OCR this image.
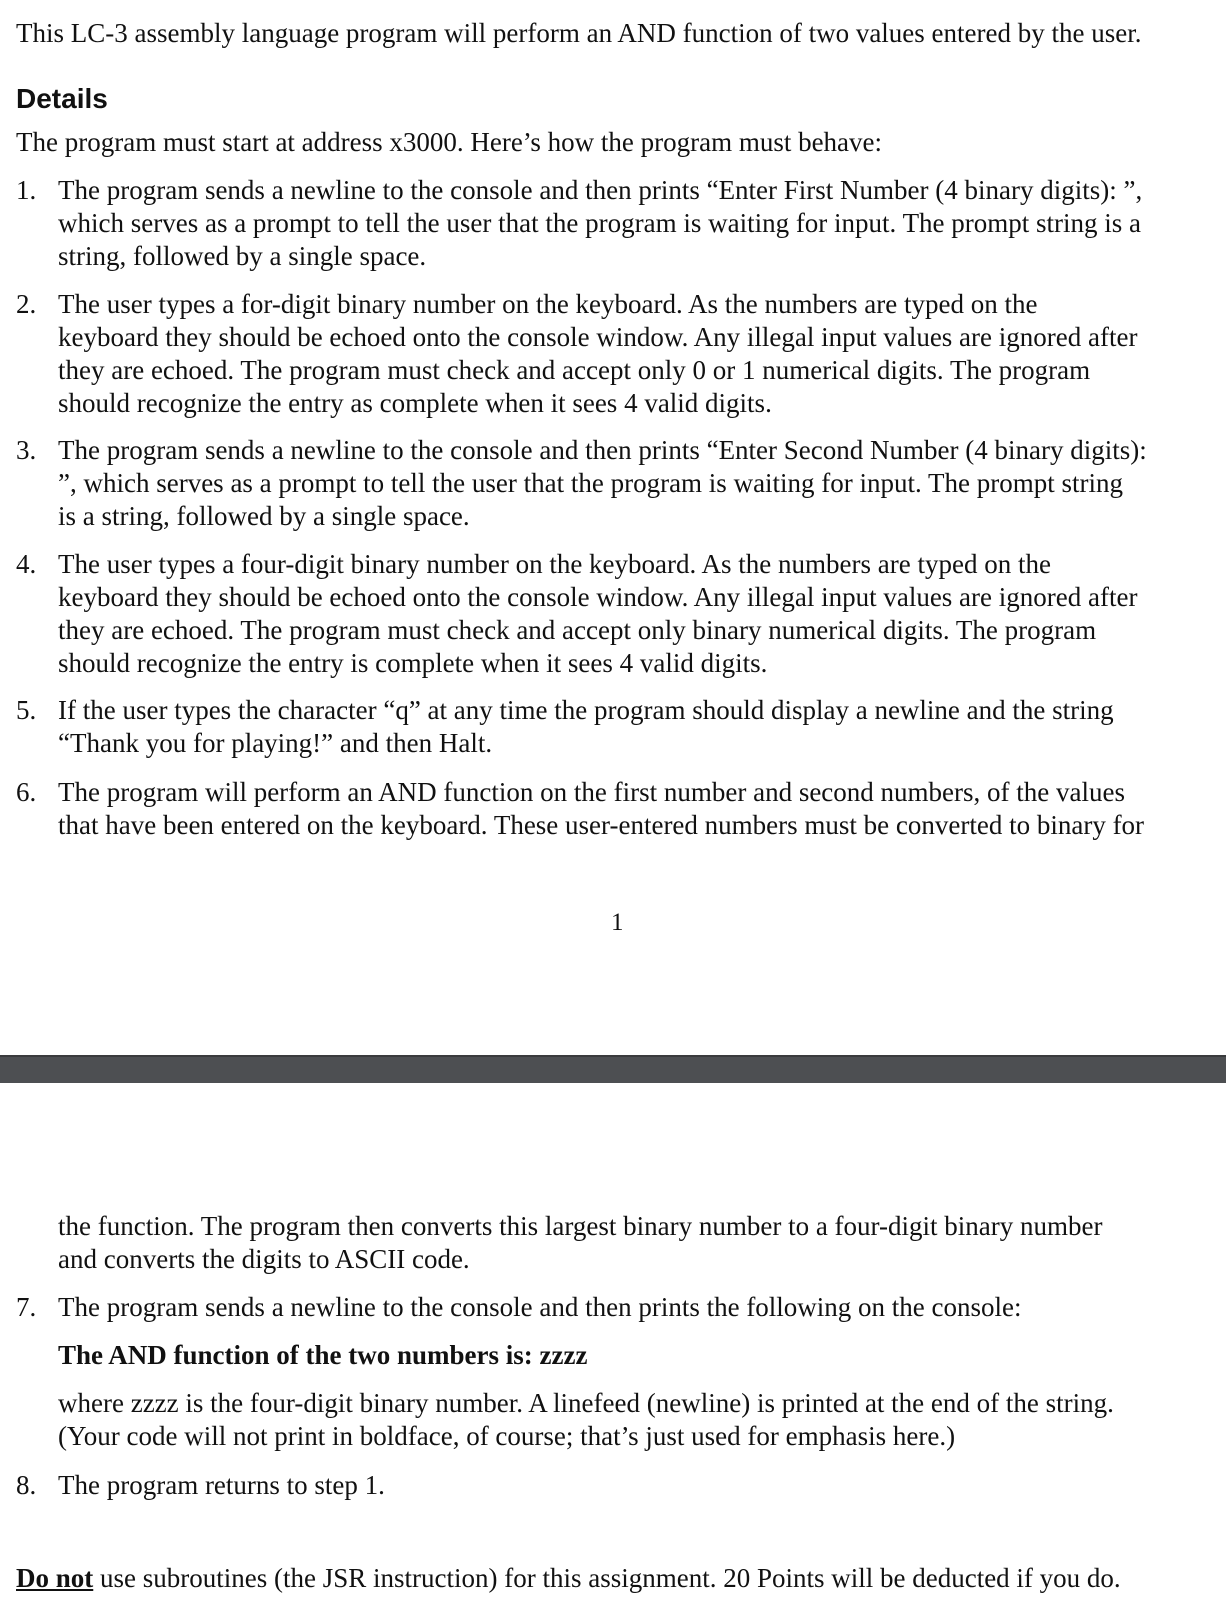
This LC-3 assembly language program will perform an AND function of two values entered by the user.
Details
The program must start at address x3000. Here’s how the program must behave:
1. The program sends a newline to the console and then prints “Enter First Number (4 binary digits): ”,
which serves as a prompt to tell the user that the program is waiting for input. The prompt string is a
string, followed by a single space.
2. The user types a for-digit binary number on the keyboard. As the numbers are typed on the
keyboard they should be echoed onto the console window. Any illegal input values are ignored after
they are echoed. The program must check and accept only 0 or 1 numerical digits. The program
should recognize the entry as complete when it sees 4 valid digits.
3. The program sends a newline to the console and then prints “Enter Second Number (4 binary digits):
”, which serves as a prompt to tell the user that the program is waiting for input. The prompt string
is a string, followed by a single space.
4. The user types a four-digit binary number on the keyboard. As the numbers are typed on the
keyboard they should be echoed onto the console window. Any illegal input values are ignored after
they are echoed. The program must check and accept only binary numerical digits. The program
should recognize the entry is complete when it sees 4 valid digits.
5. If the user types the character “q” at any time the program should display a newline and the string
“Thank you for playing!” and then Halt.
6. The program will perform an AND function on the first number and second numbers, of the values
that have been entered on the keyboard. These user-entered numbers must be converted to binary for
1
the function. The program then converts this largest binary number to a four-digit binary number
and converts the digits to ASCII code.
7. The program sends a newline to the console and then prints the following on the console:
The AND function of the two numbers is: zzzz
where zzzz is the four-digit binary number. A linefeed (newline) is printed at the end of the string.
(Your code will not print in boldface, of course; that’s just used for emphasis here.)
8. The program returns to step 1.
Do not use subroutines (the JSR instruction) for this assignment. 20 Points will be deducted if you do.
